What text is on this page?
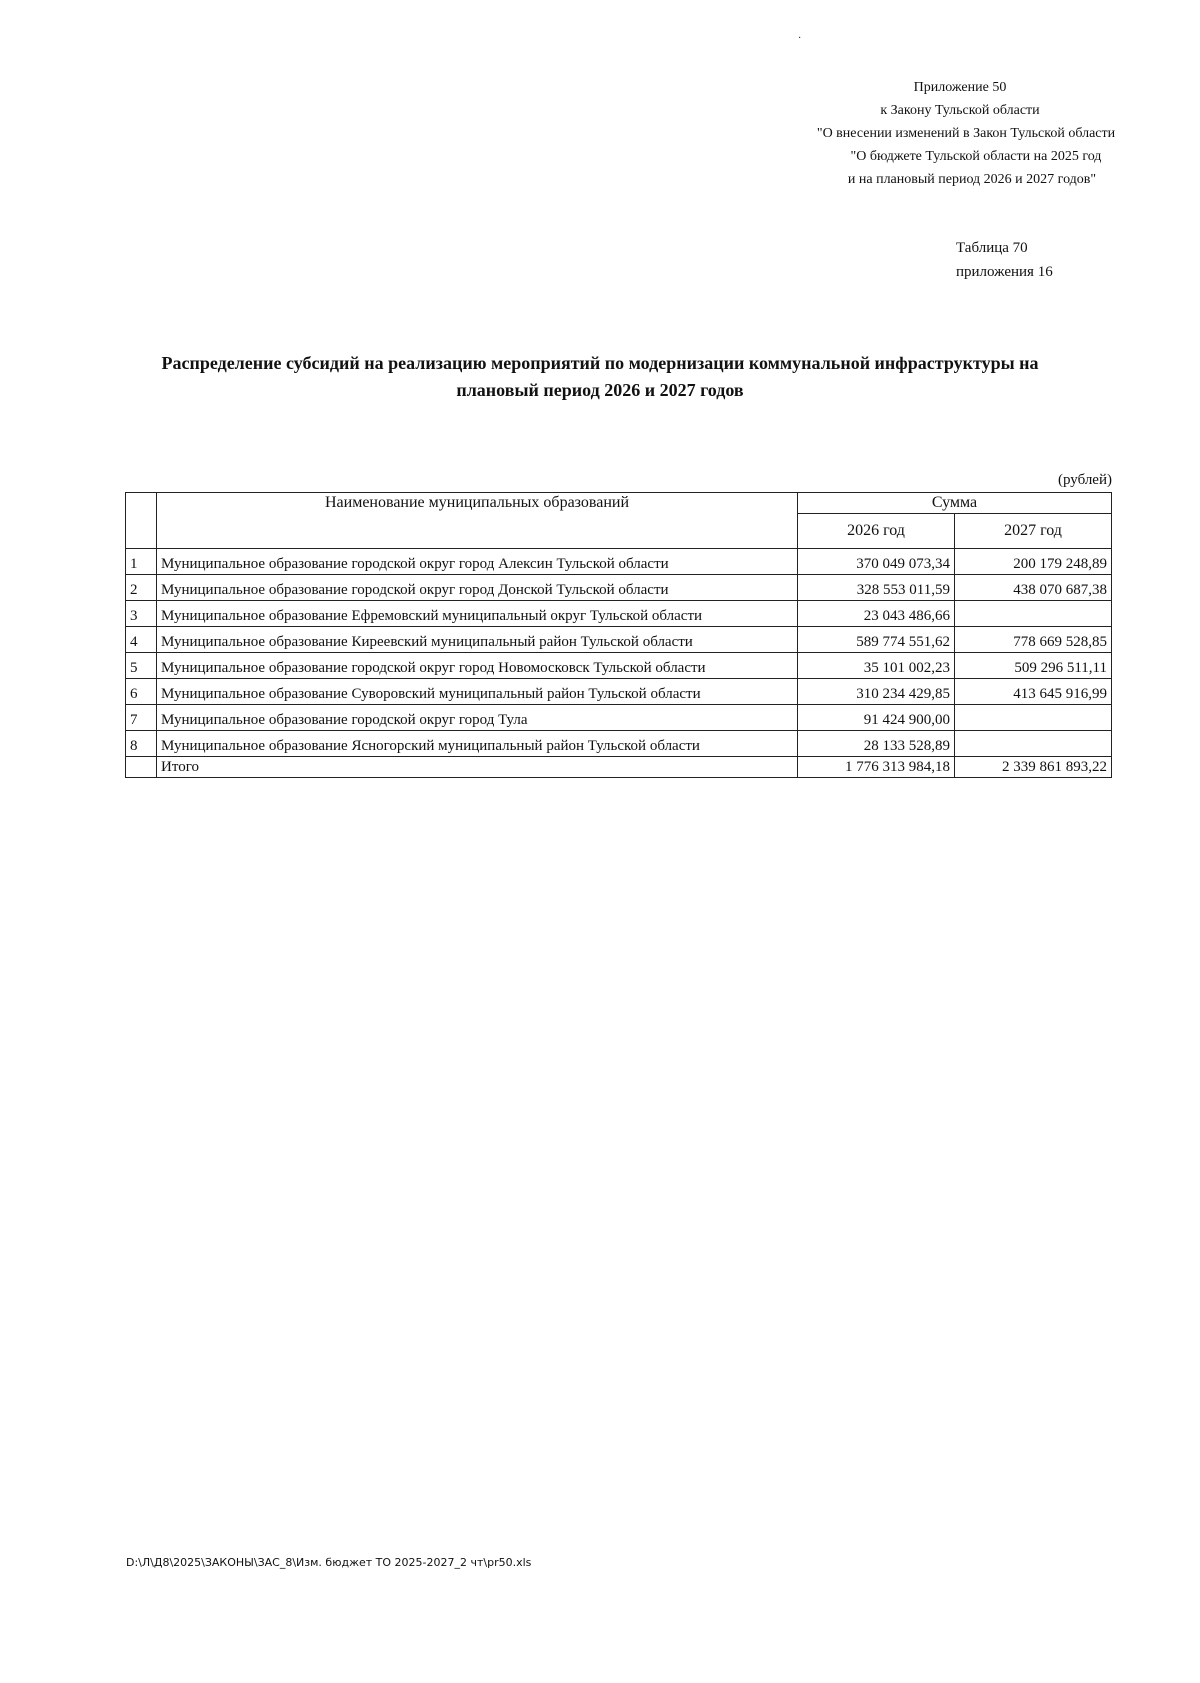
·
Приложение 50
к Закону Тульской области
"О внесении изменений в Закон Тульской области
"О бюджете Тульской области на 2025 год
и на плановый период 2026 и 2027 годов"
Таблица 70
приложения 16
Распределение субсидий на реализацию мероприятий по модернизации коммунальной инфраструктуры на плановый период 2026 и 2027 годов
(рублей)
	Наименование муниципальных образований	Сумма	
		2026 год	2027 год
1	Муниципальное образование городской округ город Алексин Тульской области	370 049 073,34	200 179 248,89
2	Муниципальное образование городской округ город Донской Тульской области	328 553 011,59	438 070 687,38
3	Муниципальное образование Ефремовский муниципальный округ Тульской области	23 043 486,66	
4	Муниципальное образование Киреевский муниципальный район Тульской области	589 774 551,62	778 669 528,85
5	Муниципальное образование городской округ город Новомосковск Тульской области	35 101 002,23	509 296 511,11
6	Муниципальное образование Суворовский муниципальный район Тульской области	310 234 429,85	413 645 916,99
7	Муниципальное образование городской округ город Тула	91 424 900,00	
8	Муниципальное образование Ясногорский муниципальный район Тульской области	28 133 528,89	
	Итого	1 776 313 984,18	2 339 861 893,22
D:\Л\Д8\2025\ЗАКОНЫ\ЗАС_8\Изм. бюджет ТО 2025-2027_2 чт\pr50.xls
